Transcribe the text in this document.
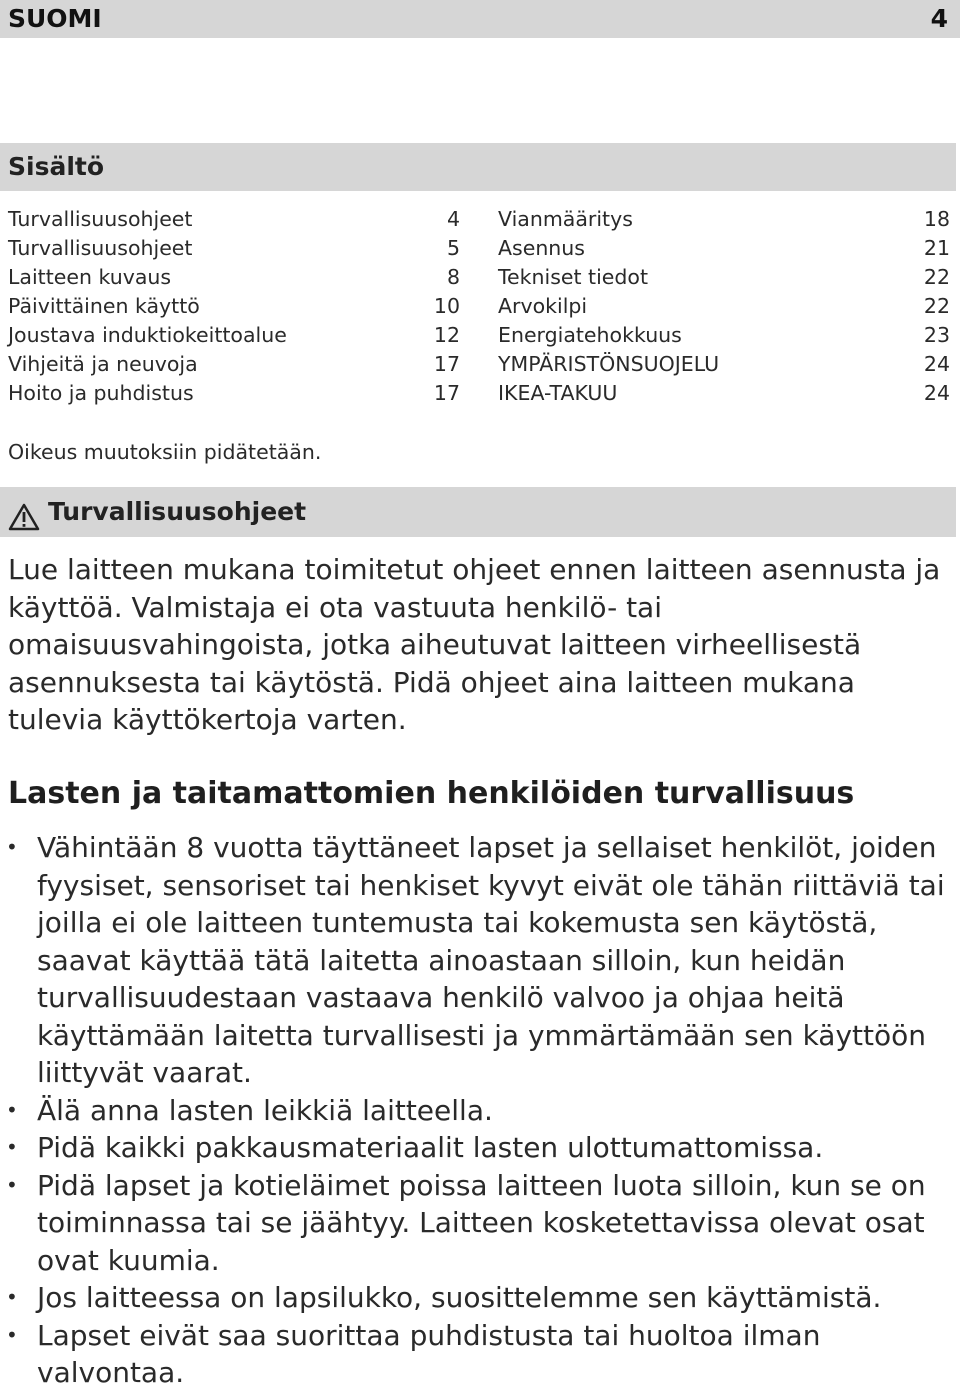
SUOMI	4
Sisältö
Turvallisuusohjeet	4
Turvallisuusohjeet	5
Laitteen kuvaus	8
Päivittäinen käyttö	10
Joustava induktiokeittoalue	12
Vihjeitä ja neuvoja	17
Hoito ja puhdistus	17
Vianmääritys	18
Asennus	21
Tekniset tiedot	22
Arvokilpi	22
Energiatehokkuus	23
YMPÄRISTÖNSUOJELU	24
IKEA-TAKUU	24
Oikeus muutoksiin pidätetään.
Turvallisuusohjeet

Lue laitteen mukana toimitetut ohjeet ennen laitteen asennusta ja käyttöä. Valmistaja ei ota vastuuta henkilö- tai omaisuusvahingoista, jotka aiheutuvat laitteen virheellisestä asennuksesta tai käytöstä. Pidä ohjeet aina laitteen mukana tulevia käyttökertoja varten.

Lasten ja taitamattomien henkilöiden turvallisuus
• Vähintään 8 vuotta täyttäneet lapset ja sellaiset henkilöt, joiden fyysiset, sensoriset tai henkiset kyvyt eivät ole tähän riittäviä tai joilla ei ole laitteen tuntemusta tai kokemusta sen käytöstä, saavat käyttää tätä laitetta ainoastaan silloin, kun heidän turvallisuudestaan vastaava henkilö valvoo ja ohjaa heitä käyttämään laitetta turvallisesti ja ymmärtämään sen käyttöön liittyvät vaarat.
• Älä anna lasten leikkiä laitteella.
• Pidä kaikki pakkausmateriaalit lasten ulottumattomissa.
• Pidä lapset ja kotieläimet poissa laitteen luota silloin, kun se on toiminnassa tai se jäähtyy. Laitteen kosketettavissa olevat osat ovat kuumia.
• Jos laitteessa on lapsilukko, suosittelemme sen käyttämistä.
• Lapset eivät saa suorittaa puhdistusta tai huoltoa ilman valvontaa.
